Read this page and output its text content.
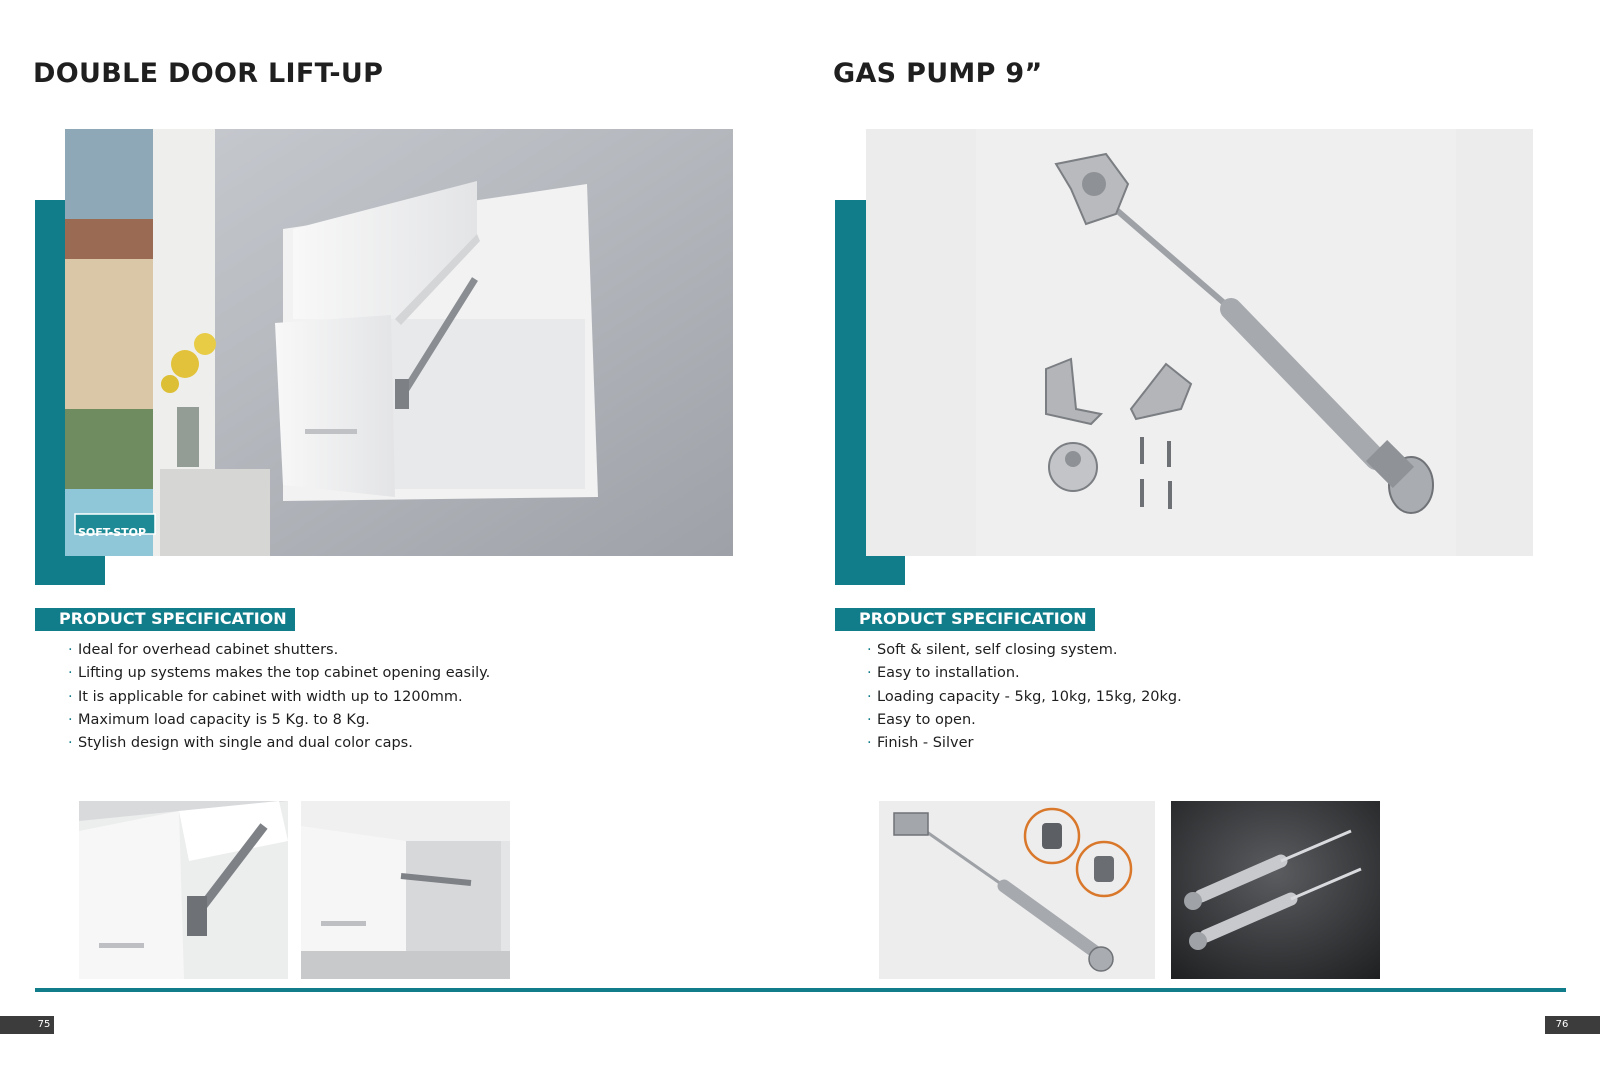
DOUBLE DOOR LIFT-UP
SOFT-STOP
PRODUCT SPECIFICATION
· Ideal for overhead cabinet shutters.
· Lifting up systems makes the top cabinet opening easily.
· It is applicable for cabinet with width up to 1200mm.
· Maximum load capacity is 5 Kg. to 8 Kg.
· Stylish design with single and dual color caps.
75
GAS PUMP 9”
PRODUCT SPECIFICATION
· Soft & silent, self closing system.
· Easy to installation.
· Loading capacity - 5kg, 10kg, 15kg, 20kg.
· Easy to open.
· Finish - Silver
76
